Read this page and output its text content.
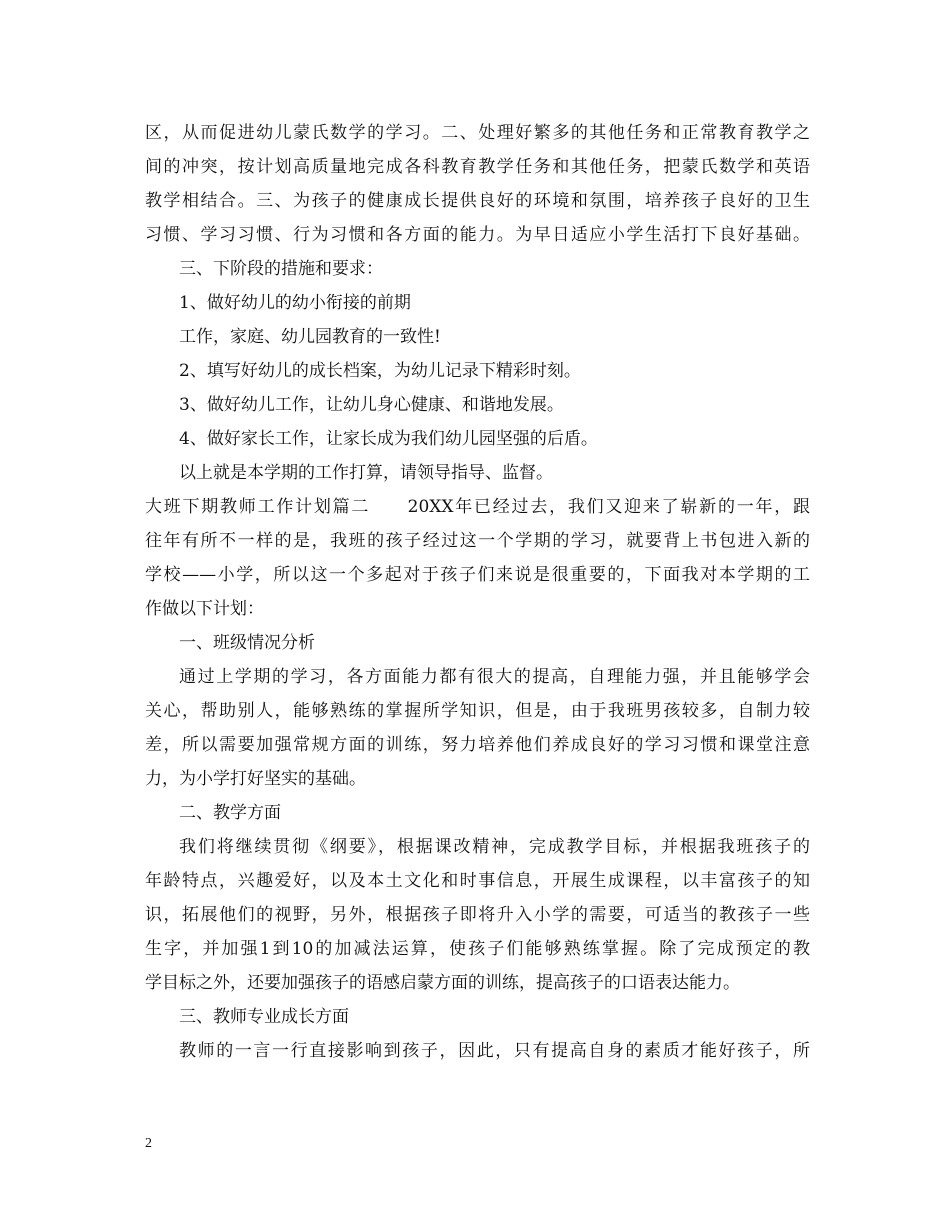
区，从而促进幼儿蒙氏数学的学习。二、处理好繁多的其他任务和正常教育教学之
间的冲突，按计划高质量地完成各科教育教学任务和其他任务，把蒙氏数学和英语
教学相结合。三、为孩子的健康成长提供良好的环境和氛围，培养孩子良好的卫生
习惯、学习习惯、行为习惯和各方面的能力。为早日适应小学生活打下良好基础。
三、下阶段的措施和要求：
1、做好幼儿的幼小衔接的前期
工作，家庭、幼儿园教育的一致性!
2、填写好幼儿的成长档案，为幼儿记录下精彩时刻。
3、做好幼儿工作，让幼儿身心健康、和谐地发展。
4、做好家长工作，让家长成为我们幼儿园坚强的后盾。
以上就是本学期的工作打算，请领导指导、监督。
大班下期教师工作计划篇二　　20XX年已经过去，我们又迎来了崭新的一年，跟
往年有所不一样的是，我班的孩子经过这一个学期的学习，就要背上书包进入新的
学校——小学，所以这一个多起对于孩子们来说是很重要的，下面我对本学期的工
作做以下计划：
一、班级情况分析
通过上学期的学习，各方面能力都有很大的提高，自理能力强，并且能够学会
关心，帮助别人，能够熟练的掌握所学知识，但是，由于我班男孩较多，自制力较
差，所以需要加强常规方面的训练，努力培养他们养成良好的学习习惯和课堂注意
力，为小学打好坚实的基础。
二、教学方面
我们将继续贯彻《纲要》，根据课改精神，完成教学目标，并根据我班孩子的
年龄特点，兴趣爱好，以及本土文化和时事信息，开展生成课程，以丰富孩子的知
识，拓展他们的视野，另外，根据孩子即将升入小学的需要，可适当的教孩子一些
生字，并加强1到10的加减法运算，使孩子们能够熟练掌握。除了完成预定的教
学目标之外，还要加强孩子的语感启蒙方面的训练，提高孩子的口语表达能力。
三、教师专业成长方面
教师的一言一行直接影响到孩子，因此，只有提高自身的素质才能好孩子，所
2
